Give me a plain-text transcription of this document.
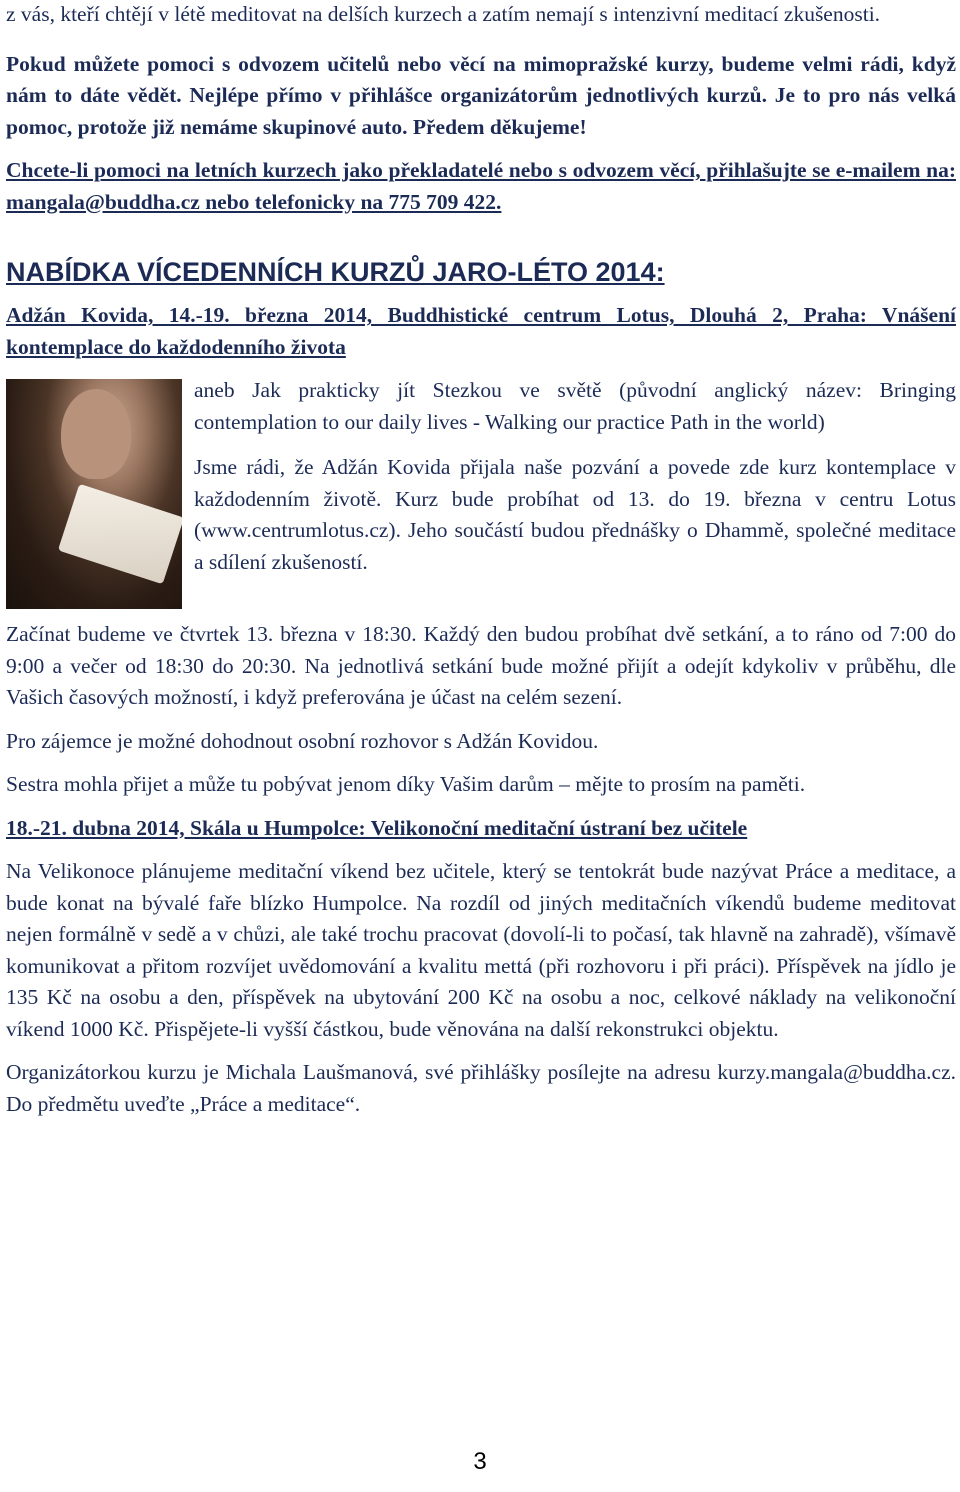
z vás, kteří chtějí v létě meditovat na delších kurzech a zatím nemají s intenzivní meditací zkušenosti.

Pokud můžete pomoci s odvozem učitelů nebo věcí na mimopražské kurzy, budeme velmi rádi, když nám to dáte vědět. Nejlépe přímo v přihlášce organizátorům jednotlivých kurzů. Je to pro nás velká pomoc, protože již nemáme skupinové auto. Předem děkujeme!

Chcete-li pomoci na letních kurzech jako překladatelé nebo s odvozem věcí, přihlašujte se e-mailem na: mangala@buddha.cz nebo telefonicky na 775 709 422.

NABÍDKA VÍCEDENNÍCH KURZŮ JARO-LÉTO 2014:

Adžán Kovida, 14.-19. března 2014, Buddhistické centrum Lotus, Dlouhá 2, Praha: Vnášení kontemplace do každodenního života

aneb Jak prakticky jít Stezkou ve světě (původní anglický název: Bringing contemplation to our daily lives - Walking our practice Path in the world)

Jsme rádi, že Adžán Kovida přijala naše pozvání a povede zde kurz kontemplace v každodenním životě. Kurz bude probíhat od 13. do 19. března v centru Lotus (www.centrumlotus.cz). Jeho součástí budou přednášky o Dhammě, společné meditace a sdílení zkušeností.

Začínat budeme ve čtvrtek 13. března v 18:30. Každý den budou probíhat dvě setkání, a to ráno od 7:00 do 9:00 a večer od 18:30 do 20:30. Na jednotlivá setkání bude možné přijít a odejít kdykoliv v průběhu, dle Vašich časových možností, i když preferována je účast na celém sezení.

Pro zájemce je možné dohodnout osobní rozhovor s Adžán Kovidou.

Sestra mohla přijet a může tu pobývat jenom díky Vašim darům – mějte to prosím na paměti.

18.-21. dubna 2014, Skála u Humpolce: Velikonoční meditační ústraní bez učitele

Na Velikonoce plánujeme meditační víkend bez učitele, který se tentokrát bude nazývat Práce a meditace, a bude konat na bývalé faře blízko Humpolce. Na rozdíl od jiných meditačních víkendů budeme meditovat nejen formálně v sedě a v chůzi, ale také trochu pracovat (dovolí-li to počasí, tak hlavně na zahradě), všímavě komunikovat a přitom rozvíjet uvědomování a kvalitu mettá (při rozhovoru i při práci). Příspěvek na jídlo je 135 Kč na osobu a den, příspěvek na ubytování 200 Kč na osobu a noc, celkové náklady na velikonoční víkend 1000 Kč. Přispějete-li vyšší částkou, bude věnována na další rekonstrukci objektu.

Organizátorkou kurzu je Michala Laušmanová, své přihlášky posílejte na adresu kurzy.mangala@buddha.cz. Do předmětu uveďte „Práce a meditace“.

3
